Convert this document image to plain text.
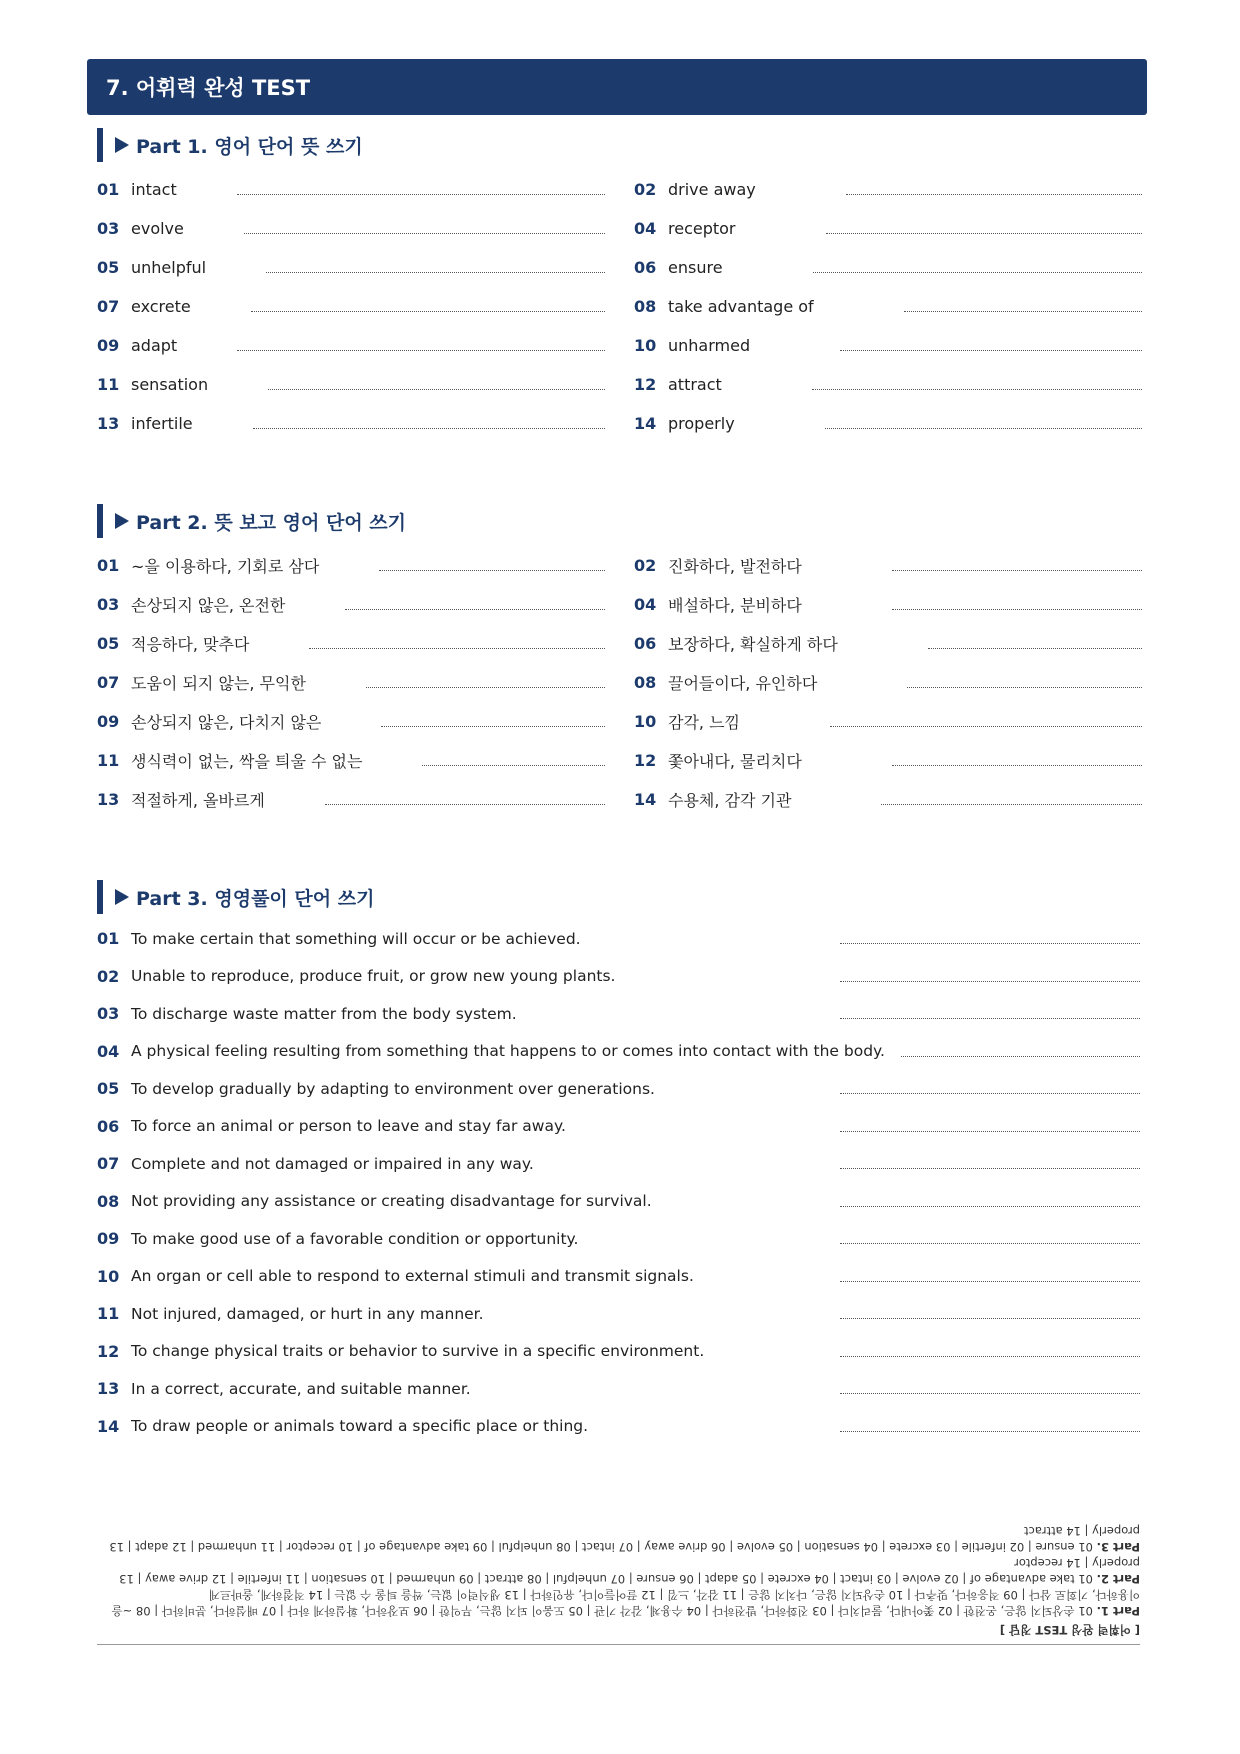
7. 어휘력 완성 TEST
Part 1. 영어 단어 뜻 쓰기
01 intact
03 evolve
05 unhelpful
07 excrete
09 adapt
11 sensation
13 infertile
02 drive away
04 receptor
06 ensure
08 take advantage of
10 unharmed
12 attract
14 properly
Part 2. 뜻 보고 영어 단어 쓰기
01 ~을 이용하다, 기회로 삼다
03 손상되지 않은, 온전한
05 적응하다, 맞추다
07 도움이 되지 않는, 무익한
09 손상되지 않은, 다치지 않은
11 생식력이 없는, 싹을 틔울 수 없는
13 적절하게, 올바르게
02 진화하다, 발전하다
04 배설하다, 분비하다
06 보장하다, 확실하게 하다
08 끌어들이다, 유인하다
10 감각, 느낌
12 쫓아내다, 물리치다
14 수용체, 감각 기관
Part 3. 영영풀이 단어 쓰기
01 To make certain that something will occur or be achieved.
02 Unable to reproduce, produce fruit, or grow new young plants.
03 To discharge waste matter from the body system.
04 A physical feeling resulting from something that happens to or comes into contact with the body.
05 To develop gradually by adapting to environment over generations.
06 To force an animal or person to leave and stay far away.
07 Complete and not damaged or impaired in any way.
08 Not providing any assistance or creating disadvantage for survival.
09 To make good use of a favorable condition or opportunity.
10 An organ or cell able to respond to external stimuli and transmit signals.
11 Not injured, damaged, or hurt in any manner.
12 To change physical traits or behavior to survive in a specific environment.
13 In a correct, accurate, and suitable manner.
14 To draw people or animals toward a specific place or thing.
[ 어휘력 완성 TEST 정답 ]

Part 1. 01 손상되지 않은, 온전한 | 02 쫓아내다, 물리치다 | 03 진화하다, 발전하다 | 04 수용체, 감각 기관 | 05 도움이 되지 않는, 무익한 | 06 보장하다, 확실하게 하다 | 07 배설하다, 분비하다 | 08 ~을 이용하다, 기회로 삼다 | 09 적응하다, 맞추다 | 10 손상되지 않은, 다치지 않은 | 11 감각, 느낌 | 12 끌어들이다, 유인하다 | 13 생식력이 없는, 싹을 틔울 수 없는 | 14 적절하게, 올바르게

Part 2. 01 take advantage of | 02 evolve | 03 intact | 04 excrete | 05 adapt | 06 ensure | 07 unhelpful | 08 attract | 09 unharmed | 10 sensation | 11 infertile | 12 drive away | 13 properly | 14 receptor

Part 3. 01 ensure | 02 infertile | 03 excrete | 04 sensation | 05 evolve | 06 drive away | 07 intact | 08 unhelpful | 09 take advantage of | 10 receptor | 11 unharmed | 12 adapt | 13 properly | 14 attract
